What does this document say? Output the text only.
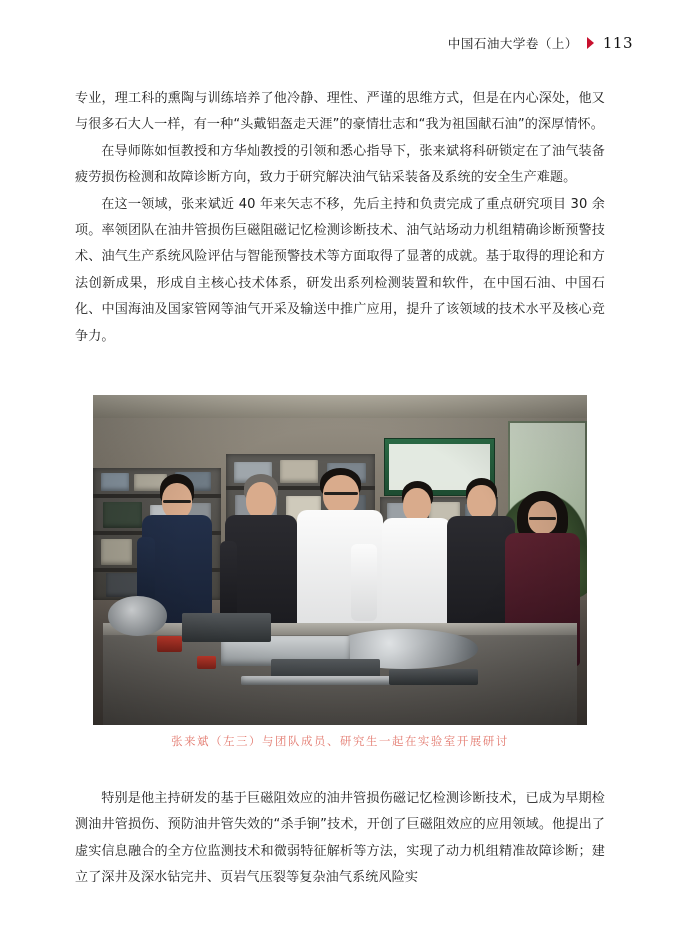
中国石油大学卷（上） 113

专业，理工科的熏陶与训练培养了他冷静、理性、严谨的思维方式，但是在内心深处，他又与很多石大人一样，有一种“头戴铝盔走天涯”的豪情壮志和“我为祖国献石油”的深厚情怀。

在导师陈如恒教授和方华灿教授的引领和悉心指导下，张来斌将科研锁定在了油气装备疲劳损伤检测和故障诊断方向，致力于研究解决油气钻采装备及系统的安全生产难题。

在这一领域，张来斌近 40 年来矢志不移，先后主持和负责完成了重点研究项目 30 余项。率领团队在油井管损伤巨磁阻磁记忆检测诊断技术、油气站场动力机组精确诊断预警技术、油气生产系统风险评估与智能预警技术等方面取得了显著的成就。基于取得的理论和方法创新成果，形成自主核心技术体系，研发出系列检测装置和软件，在中国石油、中国石化、中国海油及国家管网等油气开采及输送中推广应用，提升了该领域的技术水平及核心竞争力。

张来斌（左三）与团队成员、研究生一起在实验室开展研讨

特别是他主持研发的基于巨磁阻效应的油井管损伤磁记忆检测诊断技术，已成为早期检测油井管损伤、预防油井管失效的“杀手锏”技术，开创了巨磁阻效应的应用领域。他提出了虚实信息融合的全方位监测技术和微弱特征解析等方法，实现了动力机组精准故障诊断；建立了深井及深水钻完井、页岩气压裂等复杂油气系统风险实
